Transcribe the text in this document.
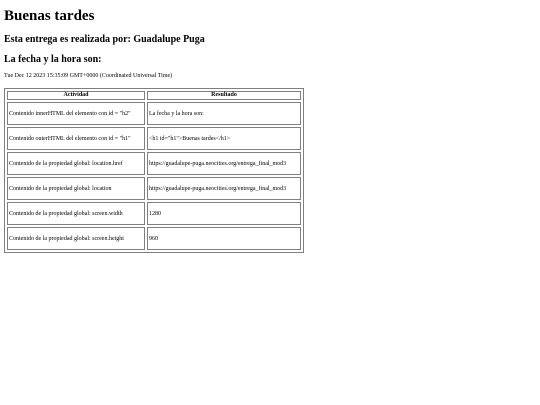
Buenas tardes
Esta entrega es realizada por: Guadalupe Puga
La fecha y la hora son:
Tue Dec 12 2023 15:35:09 GMT+0000 (Coordinated Universal Time)
Actividad	Resultado
Contenido innerHTML del elemento con id = "h2"	La fecha y la hora son:
Contenido outerHTML del elemento con id = "h1"	<h1 id="h1">Buenas tardes</h1>
Contenido de la propiedad global: location.href	https://guadalupe-puga.neocities.org/entrega_final_mod3
Contenido de la propiedad global: location	https://guadalupe-puga.neocities.org/entrega_final_mod3
Contenido de la propiedad global: screen.width	1280
Contenido de la propiedad global: screen.height	960
